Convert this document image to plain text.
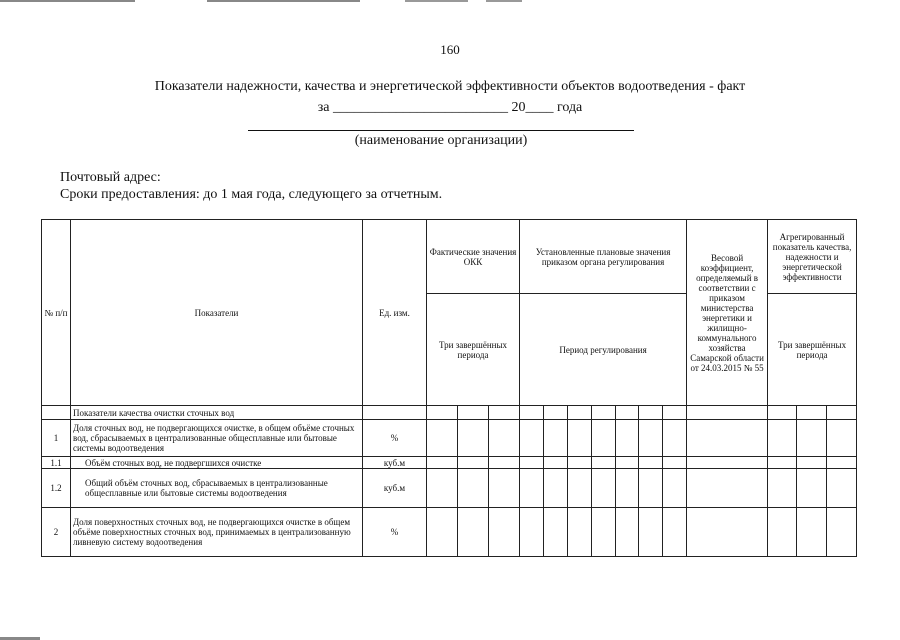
160
Показатели надежности, качества и энергетической эффективности объектов водоотведения - факт
за _________________________ 20____ года
(наименование организации)
Почтовый адрес:
Сроки предоставления: до 1 мая года, следующего за отчетным.
№ п/п	Показатели	Ед. изм.	Фактические значения ОКК			Установленные плановые значения приказом органа регулирования							Весовой коэффициент, определяемый в соответствии с приказом министерства энергетики и жилищно-коммунального хозяйства Самарской области от 24.03.2015 № 55	Агрегированный показатель качества, надежности и энергетической эффективности		
			Три завершённых периода			Период регулирования								Три завершённых периода		
	Показатели качества очистки сточных вод															
1	Доля сточных вод, не подвергающихся очистке, в общем объёме сточных вод, сбрасываемых в централизованные общесплавные или бытовые системы водоотведения	%														
1.1	Объём сточных вод, не подвергшихся очистке	куб.м														
1.2	Общий объём сточных вод, сбрасываемых в централизованные общесплавные или бытовые системы водоотведения	куб.м														
2	Доля поверхностных сточных вод, не подвергающихся очистке в общем объёме поверхностных сточных вод, принимаемых в централизованную ливневую систему водоотведения	%														
